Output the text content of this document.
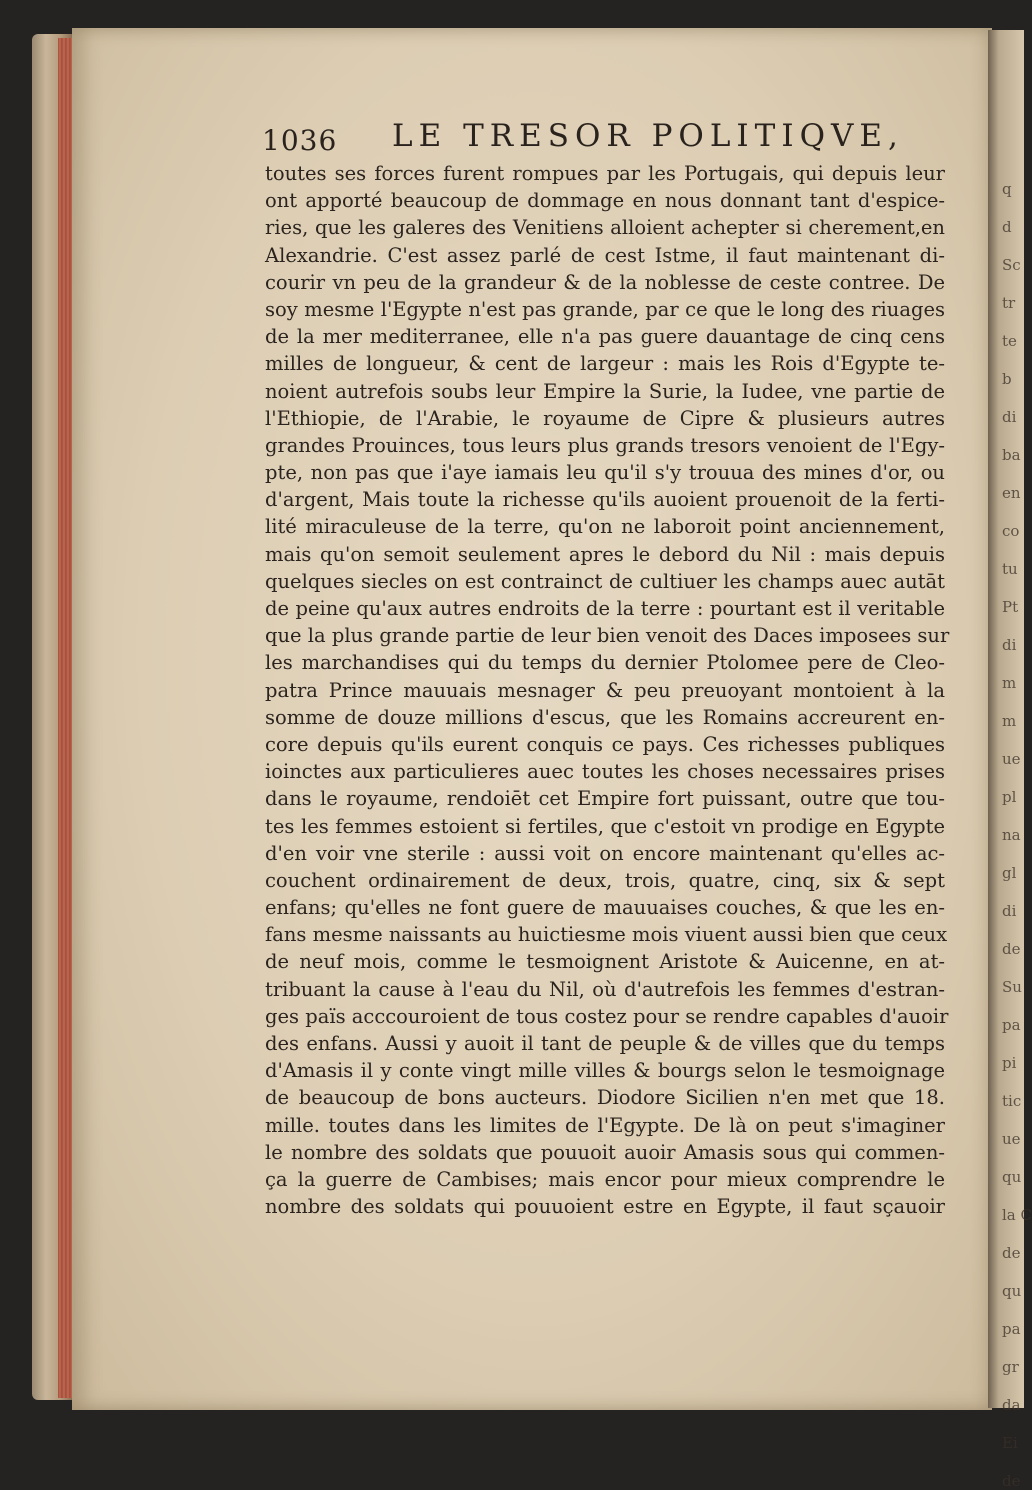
1036 LE TRESOR POLITIQVE,
toutes ses forces furent rompues par les Portugais, qui depuis leur
ont apporté beaucoup de dommage en nous donnant tant d'espice-
ries, que les galeres des Venitiens alloient achepter si cherement,en
Alexandrie. C'est assez parlé de cest Istme, il faut maintenant di-
courir vn peu de la grandeur & de la noblesse de ceste contree. De
soy mesme l'Egypte n'est pas grande, par ce que le long des riuages
de la mer mediterranee, elle n'a pas guere dauantage de cinq cens
milles de longueur, & cent de largeur : mais les Rois d'Egypte te-
noient autrefois soubs leur Empire la Surie, la Iudee, vne partie de
l'Ethiopie, de l'Arabie, le royaume de Cipre & plusieurs autres
grandes Prouinces, tous leurs plus grands tresors venoient de l'Egy-
pte, non pas que i'aye iamais leu qu'il s'y trouua des mines d'or, ou
d'argent, Mais toute la richesse qu'ils auoient prouenoit de la ferti-
lité miraculeuse de la terre, qu'on ne laboroit point anciennement,
mais qu'on semoit seulement apres le debord du Nil : mais depuis
quelques siecles on est contrainct de cultiuer les champs auec autāt
de peine qu'aux autres endroits de la terre : pourtant est il veritable
que la plus grande partie de leur bien venoit des Daces imposees sur
les marchandises qui du temps du dernier Ptolomee pere de Cleo-
patra Prince mauuais mesnager & peu preuoyant montoient à la
somme de douze millions d'escus, que les Romains accreurent en-
core depuis qu'ils eurent conquis ce pays. Ces richesses publiques
ioinctes aux particulieres auec toutes les choses necessaires prises
dans le royaume, rendoiēt cet Empire fort puissant, outre que tou-
tes les femmes estoient si fertiles, que c'estoit vn prodige en Egypte
d'en voir vne sterile : aussi voit on encore maintenant qu'elles ac-
couchent ordinairement de deux, trois, quatre, cinq, six & sept
enfans; qu'elles ne font guere de mauuaises couches, & que les en-
fans mesme naissants au huictiesme mois viuent aussi bien que ceux
de neuf mois, comme le tesmoignent Aristote & Auicenne, en at-
tribuant la cause à l'eau du Nil, où d'autrefois les femmes d'estran-
ges païs acccouroient de tous costez pour se rendre capables d'auoir
des enfans. Aussi y auoit il tant de peuple & de villes que du temps
d'Amasis il y conte vingt mille villes & bourgs selon le tesmoignage
de beaucoup de bons aucteurs. Diodore Sicilien n'en met que 18.
mille. toutes dans les limites de l'Egypte. De là on peut s'imaginer
le nombre des soldats que pouuoit auoir Amasis sous qui commen-
ça la guerre de Cambises; mais encor pour mieux comprendre le
nombre des soldats qui pouuoient estre en Egypte, il faut sçauoir
q
d
Sc
tr
te
b
di
ba
en
co
tu
Pt
di
m
m
ue
pl
na
gl
di
de
Su
pa
pi
tic
ue
qu
la C
de
qu
pa
gr
da
Ei
de
